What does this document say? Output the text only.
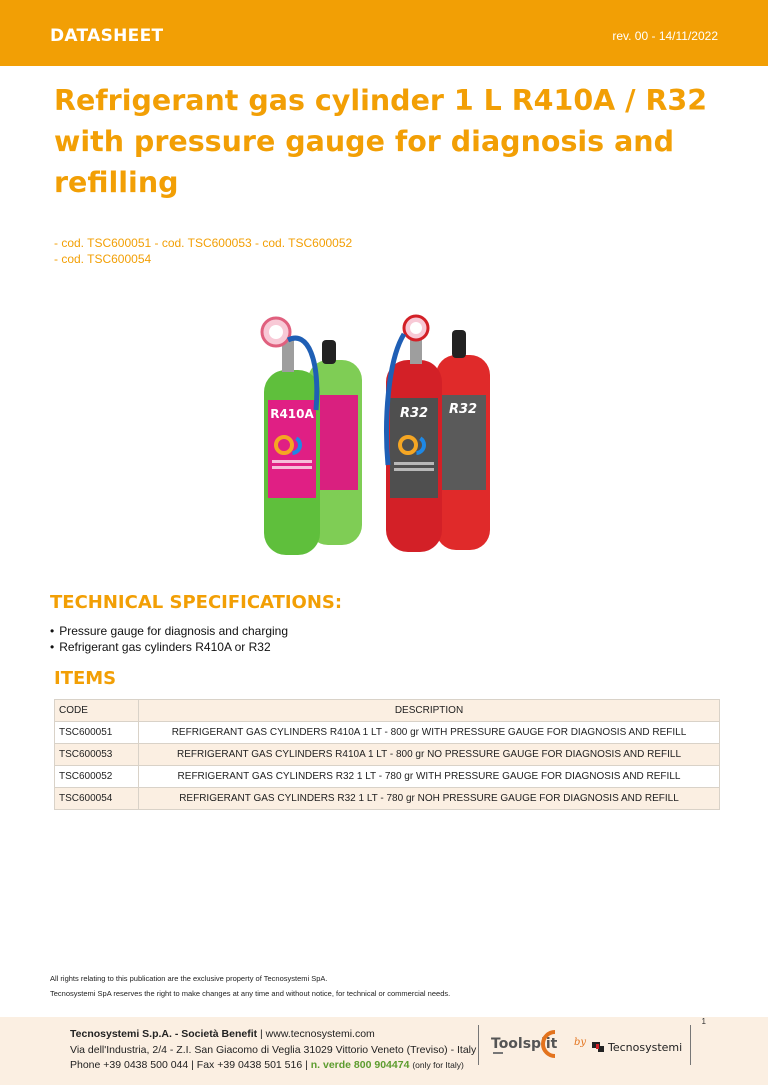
DATASHEET	rev. 00 - 14/11/2022
Refrigerant gas cylinder 1 L R410A / R32
with pressure gauge for diagnosis and
refilling
- cod. TSC600051 - cod. TSC600053 - cod. TSC600052
- cod. TSC600054
R410A	R32
R32
TECHNICAL SPECIFICATIONS:
• Pressure gauge for diagnosis and charging
• Refrigerant gas cylinders R410A or R32
ITEMS
CODE	DESCRIPTION
TSC600051	REFRIGERANT GAS CYLINDERS R410A 1 LT - 800 gr WITH PRESSURE GAUGE FOR DIAGNOSIS AND REFILL
TSC600053	REFRIGERANT GAS CYLINDERS R410A 1 LT - 800 gr NO PRESSURE GAUGE FOR DIAGNOSIS AND REFILL
TSC600052	REFRIGERANT GAS CYLINDERS R32 1 LT - 780 gr WITH PRESSURE GAUGE FOR DIAGNOSIS AND REFILL
TSC600054	REFRIGERANT GAS CYLINDERS R32 1 LT - 780 gr NOH PRESSURE GAUGE FOR DIAGNOSIS AND REFILL
All rights relating to this publication are the exclusive property of Tecnosystemi SpA.
Tecnosystemi SpA reserves the right to make changes at any time and without notice, for technical or commercial needs.
1
Tecnosystemi S.p.A. - Società Benefit | www.tecnosystemi.com
Via dell'Industria, 2/4 - Z.I. San Giacomo di Veglia 31029 Vittorio Veneto (Treviso) - Italy
Phone +39 0438 500 044 | Fax +39 0438 501 516 | n. verde 800 904474 (only for Italy)
Toolsplit by Tecnosystemi
